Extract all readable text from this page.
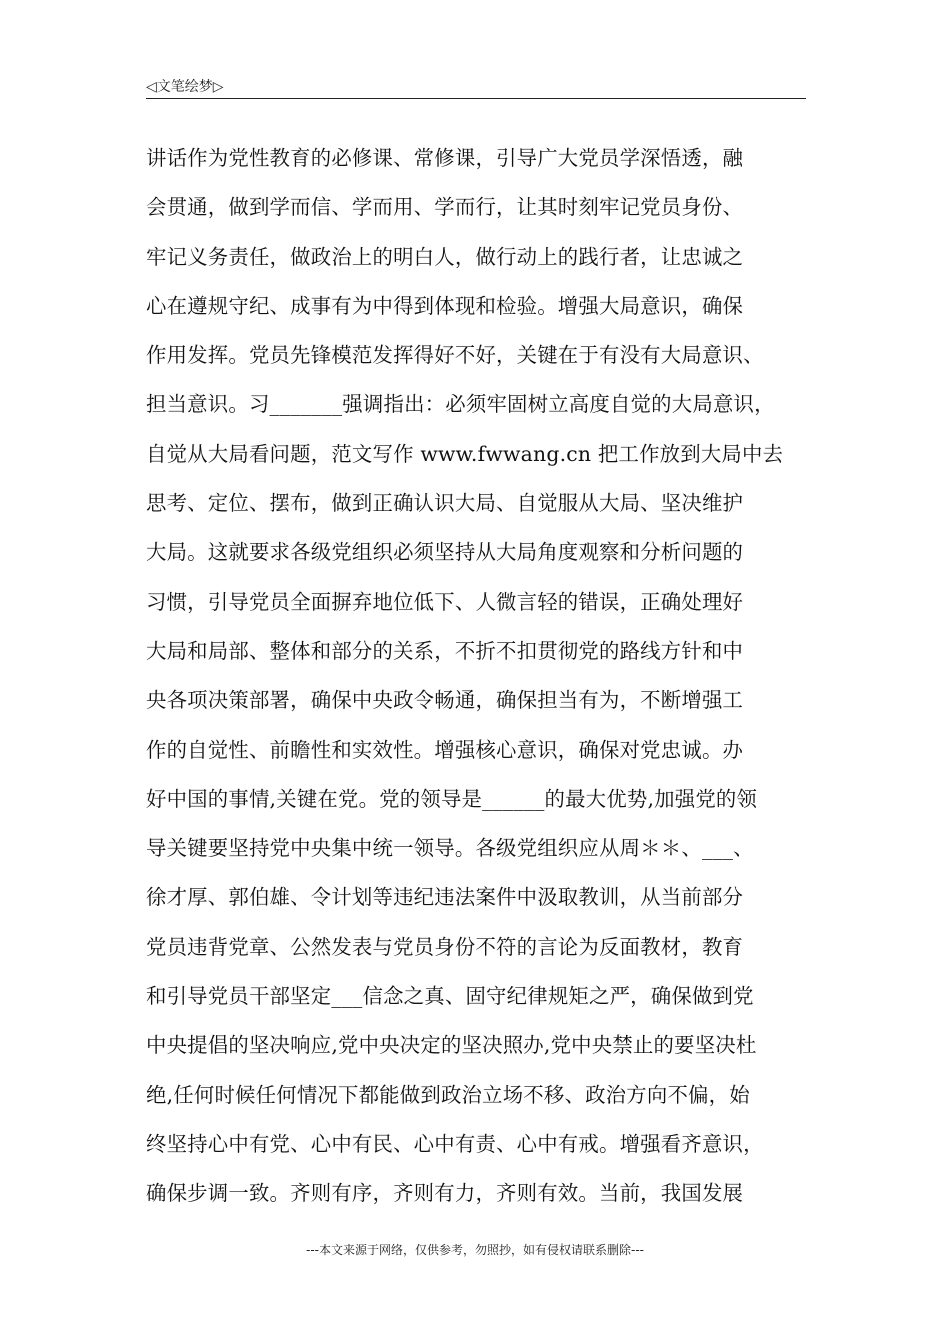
◁文笔绘梦▷
讲话作为党性教育的必修课、常修课，引导广大党员学深悟透，融
会贯通，做到学而信、学而用、学而行，让其时刻牢记党员身份、
牢记义务责任，做政治上的明白人，做行动上的践行者，让忠诚之
心在遵规守纪、成事有为中得到体现和检验。增强大局意识，确保
作用发挥。党员先锋模范发挥得好不好，关键在于有没有大局意识、
担当意识。习_______强调指出：必须牢固树立高度自觉的大局意识，
自觉从大局看问题，范文写作 www.fwwang.cn 把工作放到大局中去
思考、定位、摆布，做到正确认识大局、自觉服从大局、坚决维护
大局。这就要求各级党组织必须坚持从大局角度观察和分析问题的
习惯，引导党员全面摒弃地位低下、人微言轻的错误，正确处理好
大局和局部、整体和部分的关系，不折不扣贯彻党的路线方针和中
央各项决策部署，确保中央政令畅通，确保担当有为，不断增强工
作的自觉性、前瞻性和实效性。增强核心意识，确保对党忠诚。办
好中国的事情,关键在党。党的领导是______的最大优势,加强党的领
导关键要坚持党中央集中统一领导。各级党组织应从周＊＊、___、
徐才厚、郭伯雄、令计划等违纪违法案件中汲取教训，从当前部分
党员违背党章、公然发表与党员身份不符的言论为反面教材，教育
和引导党员干部坚定___信念之真、固守纪律规矩之严，确保做到党
中央提倡的坚决响应,党中央决定的坚决照办,党中央禁止的要坚决杜
绝,任何时候任何情况下都能做到政治立场不移、政治方向不偏，始
终坚持心中有党、心中有民、心中有责、心中有戒。增强看齐意识，
确保步调一致。齐则有序，齐则有力，齐则有效。当前，我国发展
---本文来源于网络，仅供参考，勿照抄，如有侵权请联系删除---
